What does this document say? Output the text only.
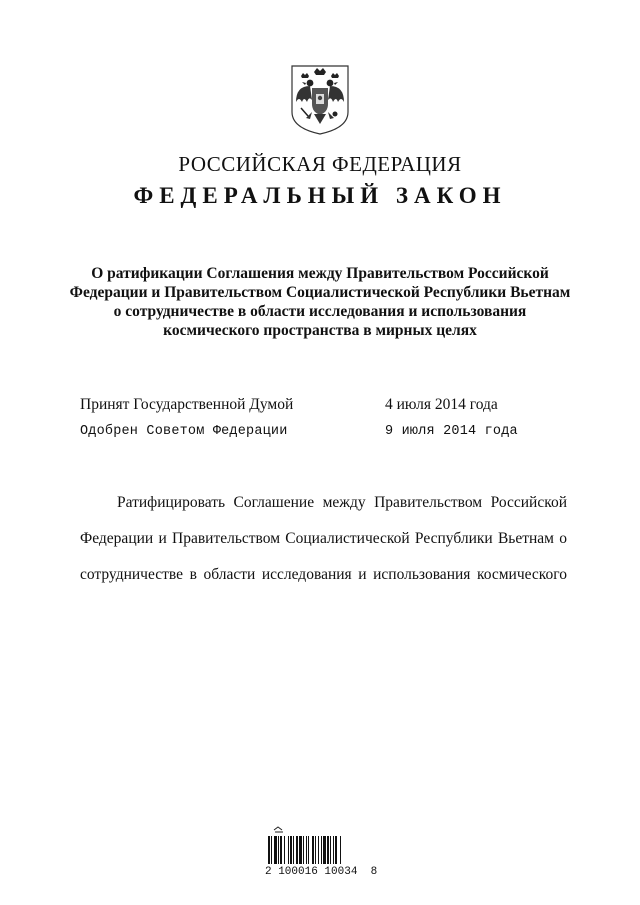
РОССИЙСКАЯ ФЕДЕРАЦИЯ
ФЕДЕРАЛЬНЫЙ ЗАКОН
О ратификации Соглашения между Правительством Российской
Федерации и Правительством Социалистической Республики Вьетнам
о сотрудничестве в области исследования и использования
космического пространства в мирных целях
Принят Государственной Думой	4 июля 2014 года
Одобрен Советом Федерации	9 июля 2014 года
Ратифицировать Соглашение между Правительством Российской
Федерации и Правительством Социалистической Республики Вьетнам о
сотрудничестве в области исследования и использования космического
2 100016 10034  8
